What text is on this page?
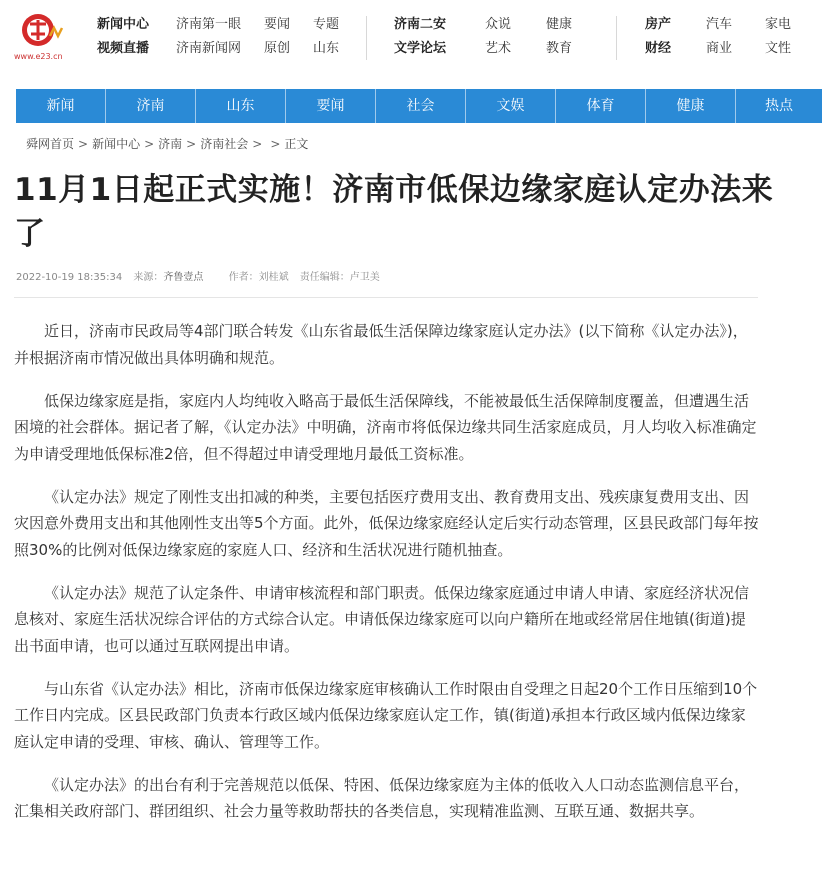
www.e23.cn
新闻中心 济南第一眼 要闻 专题
视频直播 济南新闻网 原创 山东
济南二安	众说	健康
文学论坛	艺术	教育
房产	汽车	家电
财经	商业	文性
新闻	济南	山东	要闻	社会	文娱	体育	健康	热点
舜网首页 > 新闻中心 > 济南 > 济南社会 > > 正文
11月1日起正式实施！济南市低保边缘家庭认定办法来了
2022-10-19 18:35:34 来源：齐鲁壹点	作者：刘桂斌 责任编辑：卢卫美

近日，济南市民政局等4部门联合转发《山东省最低生活保障边缘家庭认定办法》(以下简称《认定办法》)，并根据济南市情况做出具体明确和规范。

低保边缘家庭是指，家庭内人均纯收入略高于最低生活保障线，不能被最低生活保障制度覆盖，但遭遇生活困境的社会群体。据记者了解，《认定办法》中明确，济南市将低保边缘共同生活家庭成员，月人均收入标准确定为申请受理地低保标准2倍，但不得超过申请受理地月最低工资标准。

《认定办法》规定了刚性支出扣减的种类，主要包括医疗费用支出、教育费用支出、残疾康复费用支出、因灾因意外费用支出和其他刚性支出等5个方面。此外，低保边缘家庭经认定后实行动态管理，区县民政部门每年按照30%的比例对低保边缘家庭的家庭人口、经济和生活状况进行随机抽查。

《认定办法》规范了认定条件、申请审核流程和部门职责。低保边缘家庭通过申请人申请、家庭经济状况信息核对、家庭生活状况综合评估的方式综合认定。申请低保边缘家庭可以向户籍所在地或经常居住地镇(街道)提出书面申请，也可以通过互联网提出申请。

与山东省《认定办法》相比，济南市低保边缘家庭审核确认工作时限由自受理之日起20个工作日压缩到10个工作日内完成。区县民政部门负责本行政区域内低保边缘家庭认定工作，镇(街道)承担本行政区域内低保边缘家庭认定申请的受理、审核、确认、管理等工作。

《认定办法》的出台有利于完善规范以低保、特困、低保边缘家庭为主体的低收入人口动态监测信息平台，汇集相关政府部门、群团组织、社会力量等救助帮扶的各类信息，实现精准监测、互联互通、数据共享。
